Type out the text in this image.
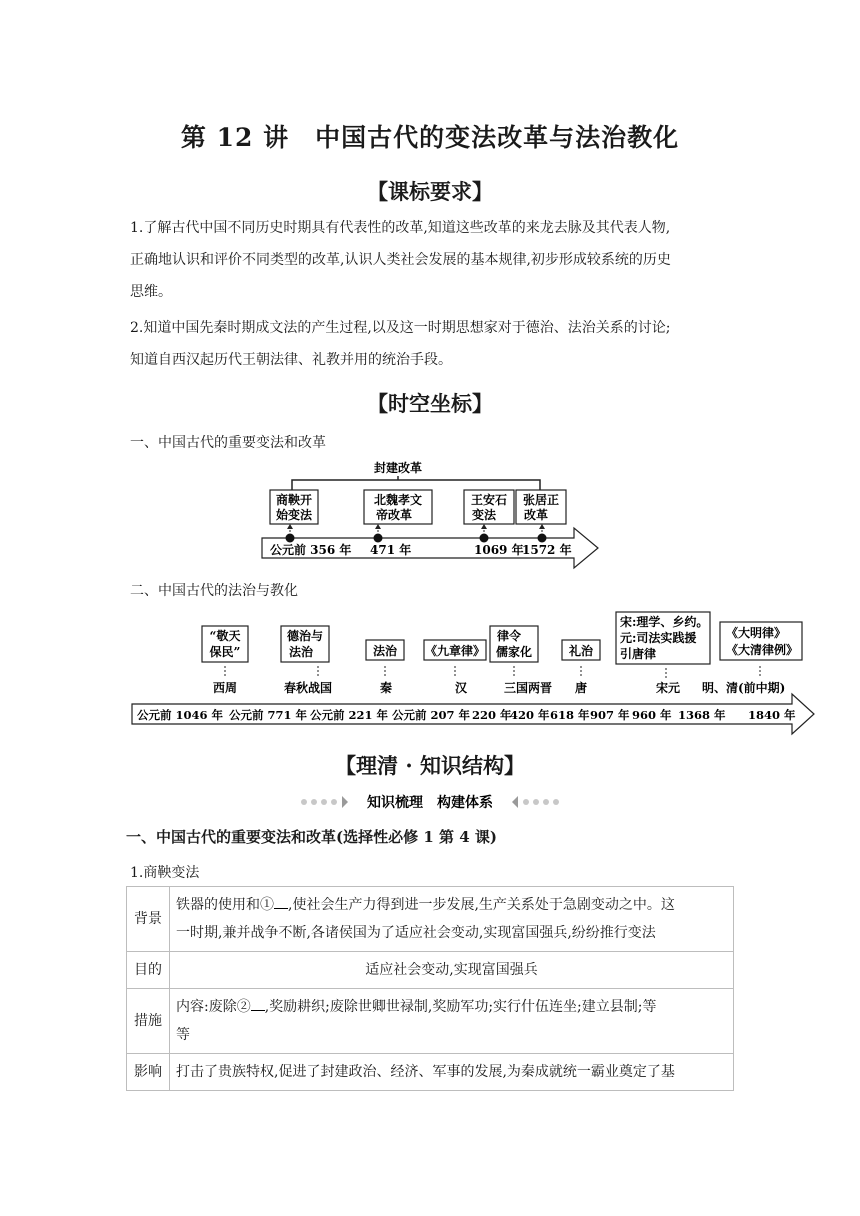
第 12 讲　中国古代的变法改革与法治教化
【课标要求】
1.了解古代中国不同历史时期具有代表性的改革,知道这些改革的来龙去脉及其代表人物,
正确地认识和评价不同类型的改革,认识人类社会发展的基本规律,初步形成较系统的历史
思维。
2.知道中国先秦时期成文法的产生过程,以及这一时期思想家对于德治、法治关系的讨论;
知道自西汉起历代王朝法律、礼教并用的统治手段。
【时空坐标】
一、中国古代的重要变法和改革
封建改革
商鞅开
始变法
北魏孝文
帝改革
王安石
变法
张居正
改革
公元前 356 年 471 年	1069 年
1572 年
二、中国古代的法治与教化
“敬天
保民”
德治与
法治	法治 《九章律》
律令
儒家化	礼治
宋:理学、乡约。
元:司法实践援
引唐律
《大明律》
《大清律例》
西周	春秋战国	秦	汉	三国两晋 唐	宋元 明、清(前中期)
公元前 1046 年 公元前 771 年 公元前 221 年 公元前 207 年 220 年
420 年 618 年 907 年 960 年 1368 年 1840 年
【理清 · 知识结构】
知识梳理　构建体系
一、中国古代的重要变法和改革(选择性必修 1 第 4 课)
1.商鞅变法
背景	铁器的使用和① ,使社会生产力得到进一步发展,生产关系处于急剧变动之中。这
一时期,兼并战争不断,各诸侯国为了适应社会变动,实现富国强兵,纷纷推行变法

目的	适应社会变动,实现富国强兵
措施	内容:废除② ,奖励耕织;废除世卿世禄制,奖励军功;实行什伍连坐;建立县制;等
等

影响	打击了贵族特权,促进了封建政治、经济、军事的发展,为秦成就统一霸业奠定了基
